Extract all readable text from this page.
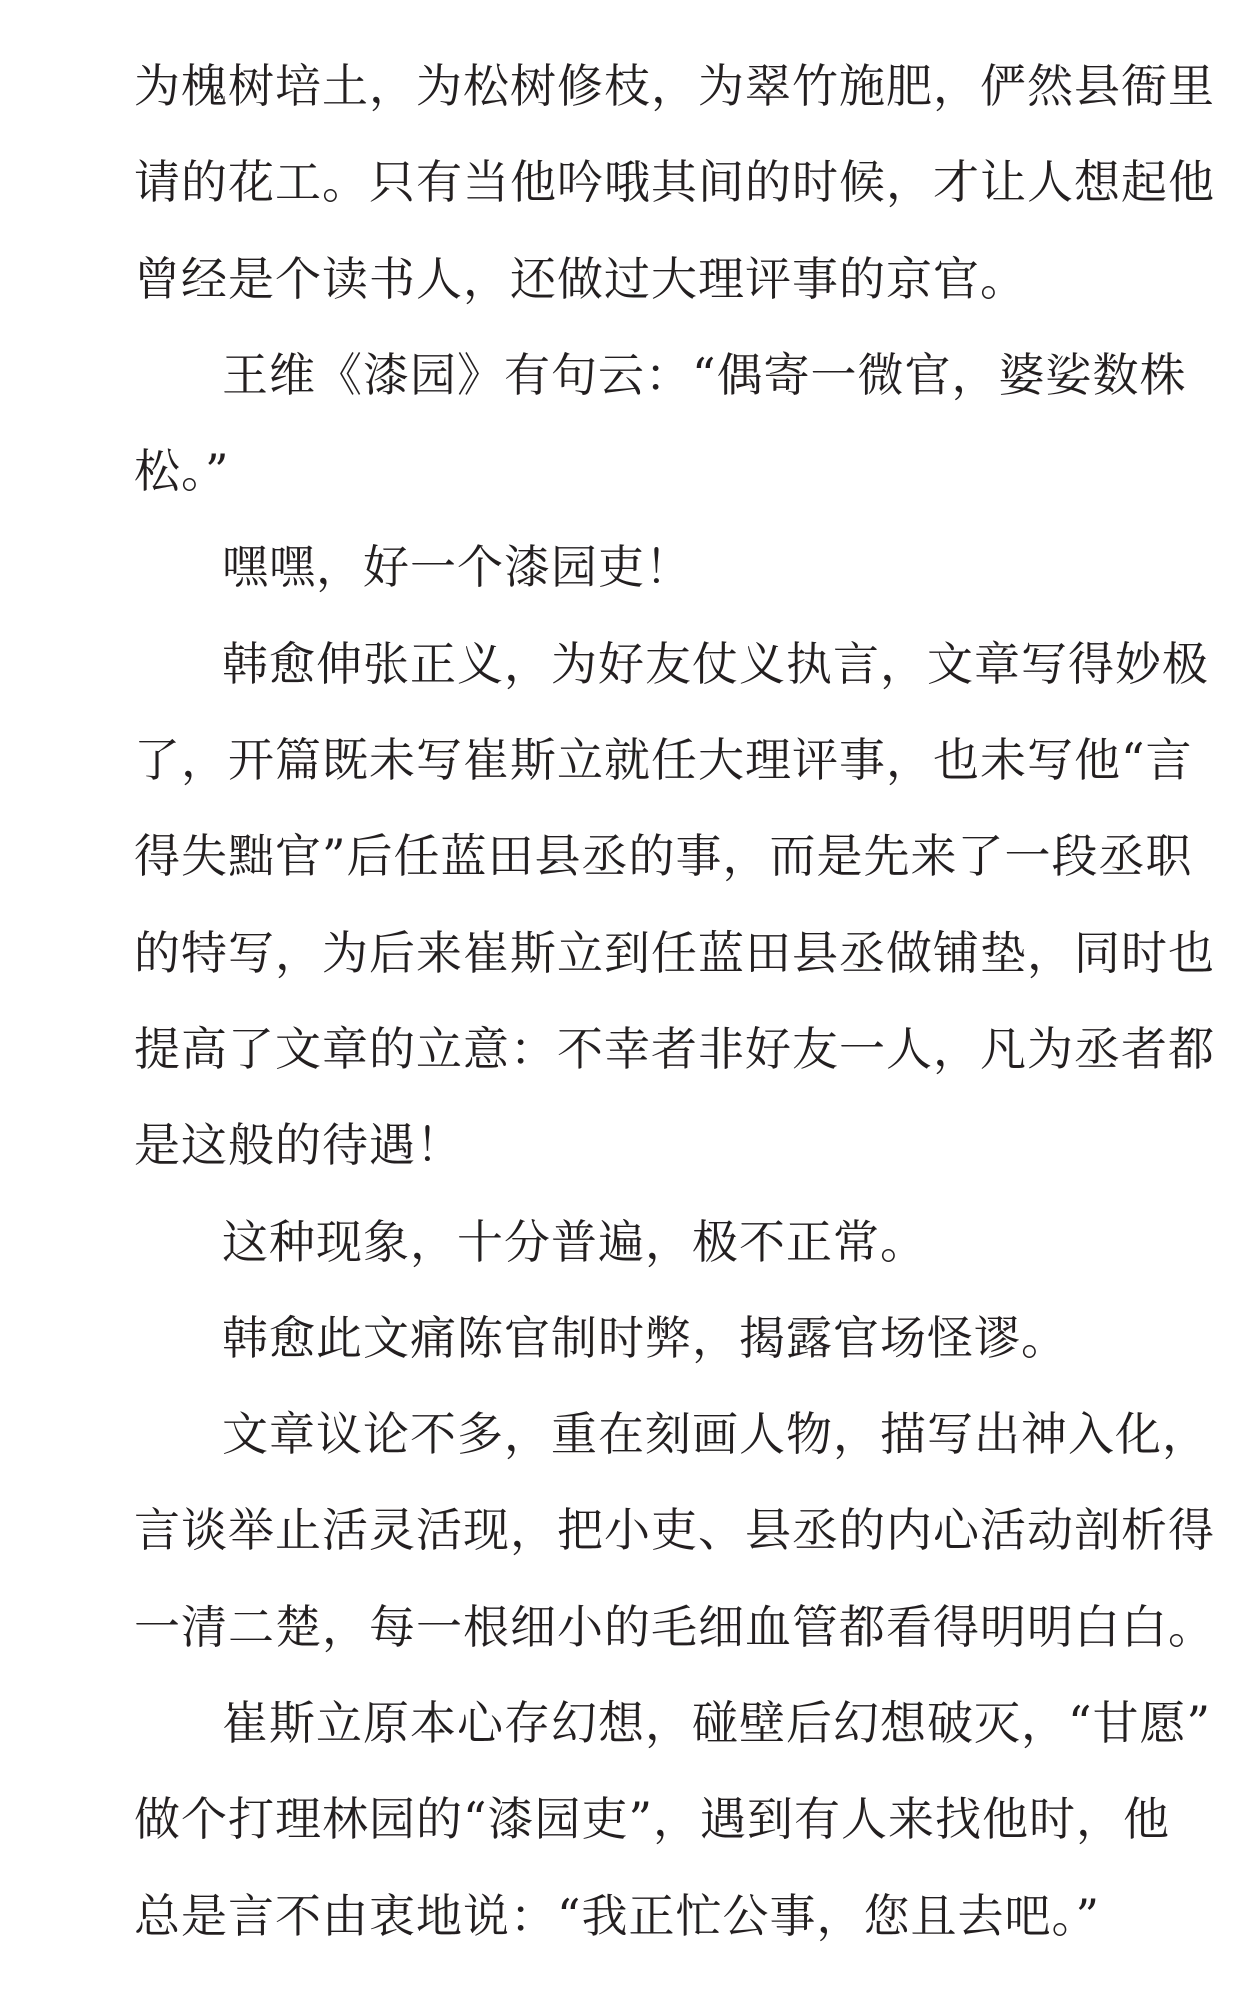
为槐树培土，为松树修枝，为翠竹施肥，俨然县衙里
请的花工。只有当他吟哦其间的时候，才让人想起他
曾经是个读书人，还做过大理评事的京官。
王维《漆园》有句云：“偶寄一微官，婆娑数株
松。”
嘿嘿，好一个漆园吏！
韩愈伸张正义，为好友仗义执言，文章写得妙极
了，开篇既未写崔斯立就任大理评事，也未写他“言
得失黜官”后任蓝田县丞的事，而是先来了一段丞职
的特写，为后来崔斯立到任蓝田县丞做铺垫，同时也
提高了文章的立意：不幸者非好友一人，凡为丞者都
是这般的待遇！
这种现象，十分普遍，极不正常。
韩愈此文痛陈官制时弊，揭露官场怪谬。
文章议论不多，重在刻画人物，描写出神入化，
言谈举止活灵活现，把小吏、县丞的内心活动剖析得
一清二楚，每一根细小的毛细血管都看得明明白白。
崔斯立原本心存幻想，碰壁后幻想破灭，“甘愿”
做个打理林园的“漆园吏”，遇到有人来找他时，他
总是言不由衷地说：“我正忙公事，您且去吧。”
